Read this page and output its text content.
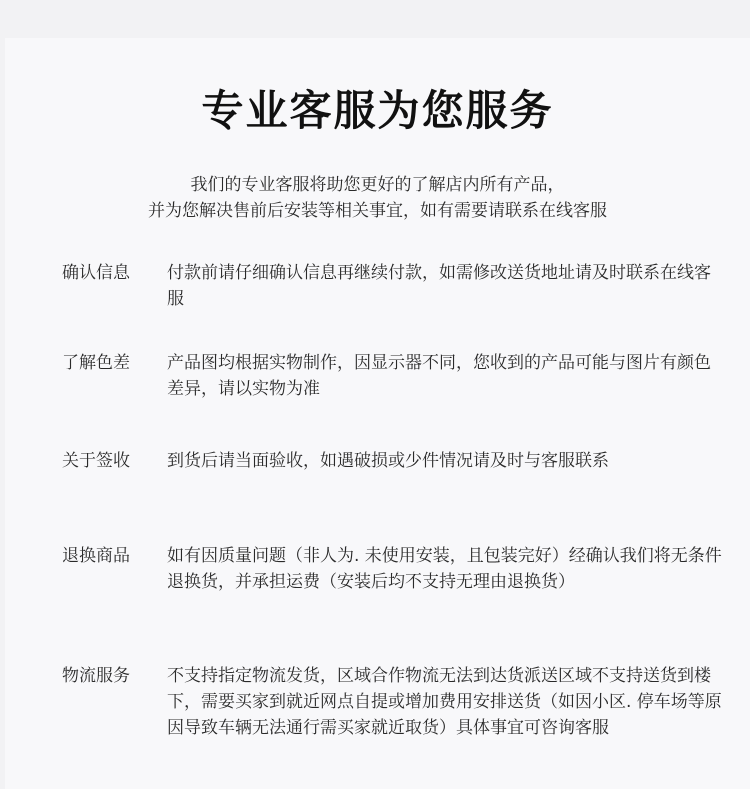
专业客服为您服务

我们的专业客服将助您更好的了解店内所有产品，

并为您解决售前后安装等相关事宜，如有需要请联系在线客服

确认信息	付款前请仔细确认信息再继续付款，如需修改送货地址请及时联系在线客服

了解色差	产品图均根据实物制作，因显示器不同，您收到的产品可能与图片有颜色差异，请以实物为准

关于签收	到货后请当面验收，如遇破损或少件情况请及时与客服联系

退换商品	如有因质量问题（非人为. 未使用安装，且包装完好）经确认我们将无条件退换货，并承担运费（安装后均不支持无理由退换货）

物流服务	不支持指定物流发货，区域合作物流无法到达货派送区域不支持送货到楼下，需要买家到就近网点自提或增加费用安排送货（如因小区. 停车场等原因导致车辆无法通行需买家就近取货）具体事宜可咨询客服
